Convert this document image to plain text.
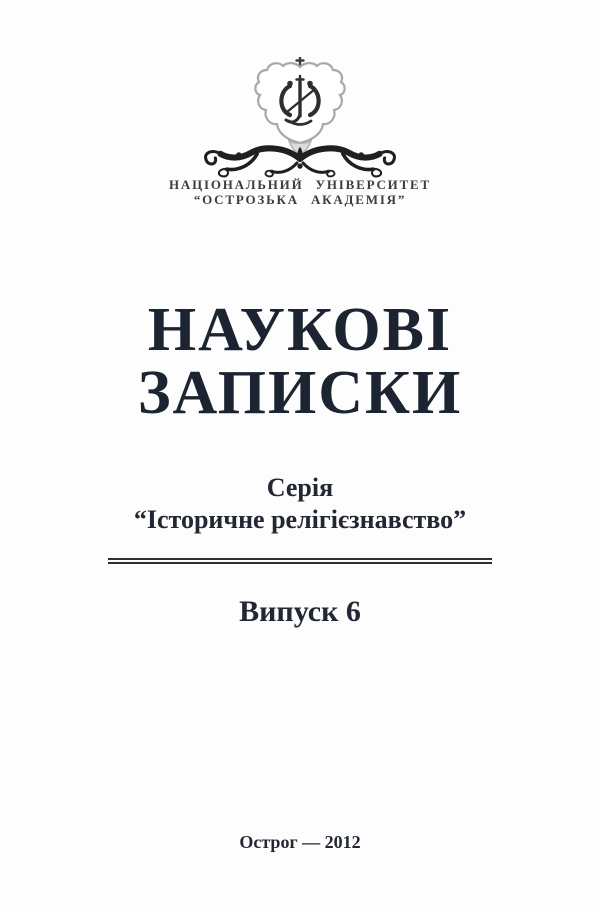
НАЦІОНАЛЬНИЙ УНІВЕРСИТЕТ
“ОСТРОЗЬКА АКАДЕМІЯ”
НАУКОВІ
ЗАПИСКИ
Серія
“Історичне релігієзнавство”
Випуск 6
Острог — 2012
